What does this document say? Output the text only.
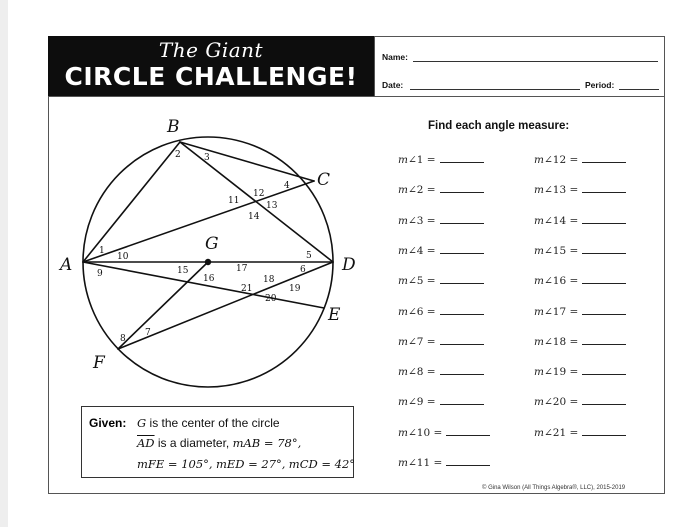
The Giant
CIRCLE CHALLENGE!
Name:
Date:	Period:
B
C
A
G
D
E
F
1
2	3
4
5
6
7
8
9
10
11
12
13
14
15
16
17
18
19
20
21
Find each angle measure:
m∠1 =
m∠2 =
m∠3 =
m∠4 =
m∠5 =
m∠6 =
m∠7 =
m∠8 =
m∠9 =
m∠10 =
m∠11 =
m∠12 =
m∠13 =
m∠14 =
m∠15 =
m∠16 =
m∠17 =
m∠18 =
m∠19 =
m∠20 =
m∠21 =
Given: G is the center of the circle
$\overline{AD}$ is a diameter, mAB = 78°,
mFE = 105°, mED = 27°, mCD = 42°
© Gina Wilson (All Things Algebra®, LLC), 2015-2019
